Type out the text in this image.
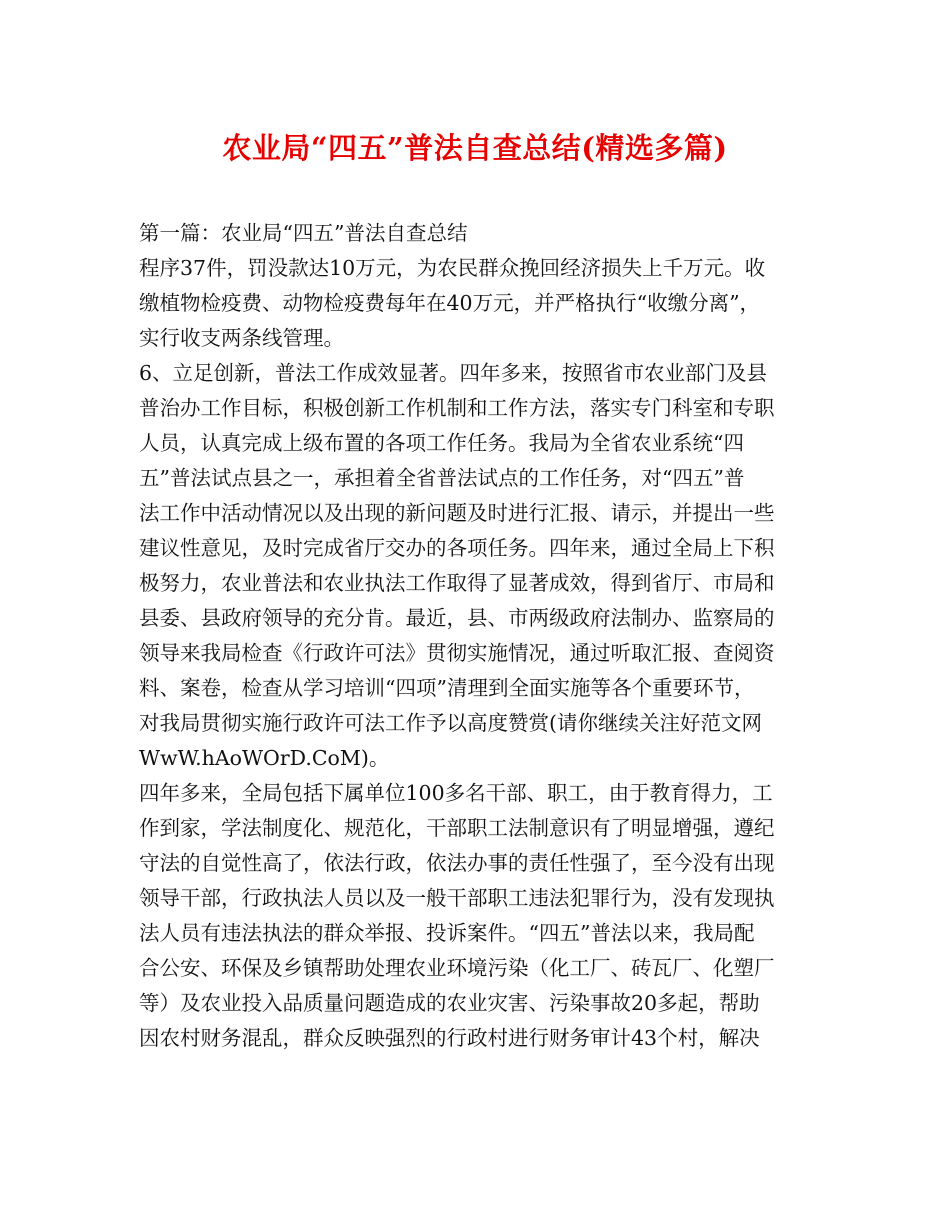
农业局“四五”普法自查总结(精选多篇)
第一篇：农业局“四五”普法自查总结
程序37件，罚没款达10万元，为农民群众挽回经济损失上千万元。收
缴植物检疫费、动物检疫费每年在40万元，并严格执行“收缴分离”，
实行收支两条线管理。
6、立足创新，普法工作成效显著。四年多来，按照省市农业部门及县
普治办工作目标，积极创新工作机制和工作方法，落实专门科室和专职
人员，认真完成上级布置的各项工作任务。我局为全省农业系统“四
五”普法试点县之一，承担着全省普法试点的工作任务，对“四五”普
法工作中活动情况以及出现的新问题及时进行汇报、请示，并提出一些
建议性意见，及时完成省厅交办的各项任务。四年来，通过全局上下积
极努力，农业普法和农业执法工作取得了显著成效，得到省厅、市局和
县委、县政府领导的充分肯。最近，县、市两级政府法制办、监察局的
领导来我局检查《行政许可法》贯彻实施情况，通过听取汇报、查阅资
料、案卷，检查从学习培训“四项”清理到全面实施等各个重要环节，
对我局贯彻实施行政许可法工作予以高度赞赏(请你继续关注好范文网
WwW.hAoWOrD.CoM)。
四年多来，全局包括下属单位100多名干部、职工，由于教育得力，工
作到家，学法制度化、规范化，干部职工法制意识有了明显增强，遵纪
守法的自觉性高了，依法行政，依法办事的责任性强了，至今没有出现
领导干部，行政执法人员以及一般干部职工违法犯罪行为，没有发现执
法人员有违法执法的群众举报、投诉案件。“四五”普法以来，我局配
合公安、环保及乡镇帮助处理农业环境污染（化工厂、砖瓦厂、化塑厂
等）及农业投入品质量问题造成的农业灾害、污染事故20多起，帮助
因农村财务混乱，群众反映强烈的行政村进行财务审计43个村，解决
